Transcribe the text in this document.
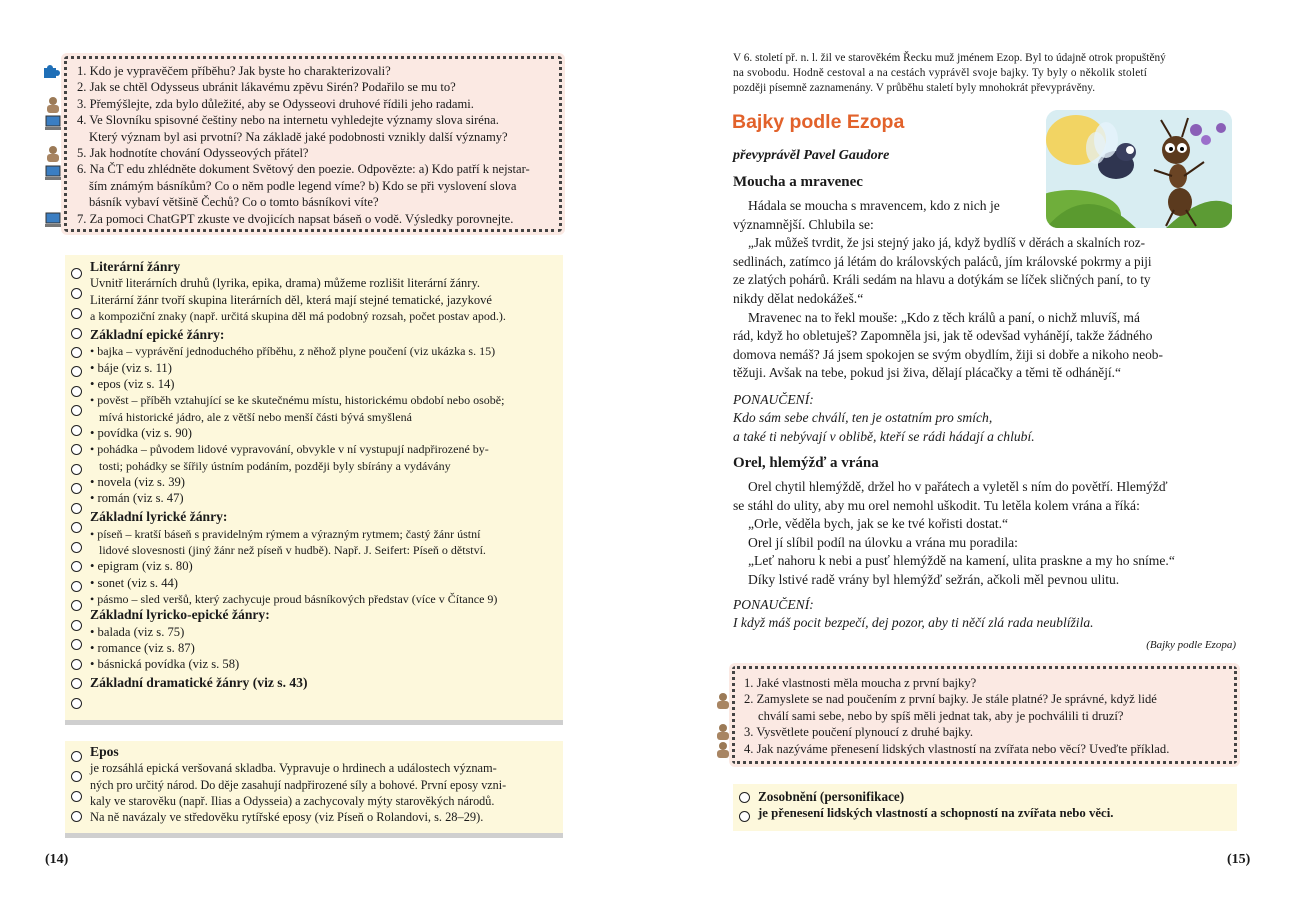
1. Kdo je vypravěčem příběhu? Jak byste ho charakterizovali?
2. Jak se chtěl Odysseus ubránit lákavému zpěvu Sirén? Podařilo se mu to?
3. Přemýšlejte, zda bylo důležité, aby se Odysseovi druhové řídili jeho radami.
4. Ve Slovníku spisovné češtiny nebo na internetu vyhledejte významy slova siréna.
Který význam byl asi prvotní? Na základě jaké podobnosti vznikly další významy?
5. Jak hodnotíte chování Odysseových přátel?
6. Na ČT edu zhlédněte dokument Světový den poezie. Odpovězte: a) Kdo patří k nejstar-
ším známým básníkům? Co o něm podle legend víme? b) Kdo se při vyslovení slova
básník vybaví většině Čechů? Co o tomto básníkovi víte?
7. Za pomoci ChatGPT zkuste ve dvojicích napsat báseň o vodě. Výsledky porovnejte.
Literární žánry
Uvnitř literárních druhů (lyrika, epika, drama) můžeme rozlišit literární žánry.
Literární žánr tvoří skupina literárních děl, která mají stejné tematické, jazykové
a kompoziční znaky (např. určitá skupina děl má podobný rozsah, počet postav apod.).
Základní epické žánry:
• bajka – vyprávění jednoduchého příběhu, z něhož plyne poučení (viz ukázka s. 15)
• báje (viz s. 11)
• epos (viz s. 14)
• pověst – příběh vztahující se ke skutečnému místu, historickému období nebo osobě;
mívá historické jádro, ale z větší nebo menší části bývá smyšlená
• povídka (viz s. 90)
• pohádka – původem lidové vypravování, obvykle v ní vystupují nadpřirozené by-
tosti; pohádky se šířily ústním podáním, později byly sbírány a vydávány
• novela (viz s. 39)
• román (viz s. 47)
Základní lyrické žánry:
• píseň – kratší báseň s pravidelným rýmem a výrazným rytmem; častý žánr ústní
lidové slovesnosti (jiný žánr než píseň v hudbě). Např. J. Seifert: Píseň o dětství.
• epigram (viz s. 80)
• sonet (viz s. 44)
• pásmo – sled veršů, který zachycuje proud básníkových představ (více v Čítance 9)
Základní lyricko-epické žánry:
• balada (viz s. 75)
• romance (viz s. 87)
• básnická povídka (viz s. 58)
Základní dramatické žánry (viz s. 43)
Epos
je rozsáhlá epická veršovaná skladba. Vypravuje o hrdinech a událostech význam-
ných pro určitý národ. Do děje zasahují nadpřirozené síly a bohové. První eposy vzni-
kaly ve starověku (např. Ilias a Odysseia) a zachycovaly mýty starověkých národů.
Na ně navázaly ve středověku rytířské eposy (viz Píseň o Rolandovi, s. 28–29).
(14)
V 6. století př. n. l. žil ve starověkém Řecku muž jménem Ezop. Byl to údajně otrok propuštěný
na svobodu. Hodně cestoval a na cestách vyprávěl svoje bajky. Ty byly o několik století
později písemně zaznamenány. V průběhu staletí byly mnohokrát převyprávěny.
Bajky podle Ezopa
převyprávěl Pavel Gaudore
Moucha a mravenec
Hádala se moucha s mravencem, kdo z nich je
významnější. Chlubila se:
„Jak můžeš tvrdit, že jsi stejný jako já, když bydlíš v děrách a skalních roz-
sedlinách, zatímco já létám do královských paláců, jím královské pokrmy a piji
ze zlatých pohárů. Králi sedám na hlavu a dotýkám se líček sličných paní, to ty
nikdy dělat nedokážeš.“
Mravenec na to řekl mouše: „Kdo z těch králů a paní, o nichž mluvíš, má
rád, když ho obletuješ? Zapomněla jsi, jak tě odevšad vyhánějí, takže žádného
domova nemáš? Já jsem spokojen se svým obydlím, žiji si dobře a nikoho neob-
těžuji. Avšak na tebe, pokud jsi živa, dělají plácačky a těmi tě odhánějí.“
PONAUČENÍ:
Kdo sám sebe chválí, ten je ostatním pro smích,
a také ti nebývají v oblibě, kteří se rádi hádají a chlubí.
Orel, hlemýžď a vrána
Orel chytil hlemýždě, držel ho v pařátech a vyletěl s ním do povětří. Hlemýžď
se stáhl do ulity, aby mu orel nemohl uškodit. Tu letěla kolem vrána a říká:
„Orle, věděla bych, jak se ke tvé kořisti dostat.“
Orel jí slíbil podíl na úlovku a vrána mu poradila:
„Leť nahoru k nebi a pusť hlemýždě na kamení, ulita praskne a my ho sníme.“
Díky lstivé radě vrány byl hlemýžď sežrán, ačkoli měl pevnou ulitu.
PONAUČENÍ:
I když máš pocit bezpečí, dej pozor, aby ti něčí zlá rada neublížila.
(Bajky podle Ezopa)
1. Jaké vlastnosti měla moucha z první bajky?
2. Zamyslete se nad poučením z první bajky. Je stále platné? Je správné, když lidé
chválí sami sebe, nebo by spíš měli jednat tak, aby je pochválili ti druzí?
3. Vysvětlete poučení plynoucí z druhé bajky.
4. Jak nazýváme přenesení lidských vlastností na zvířata nebo věcí? Uveďte příklad.
Zosobnění (personifikace)
je přenesení lidských vlastností a schopností na zvířata nebo věci.
(15)
